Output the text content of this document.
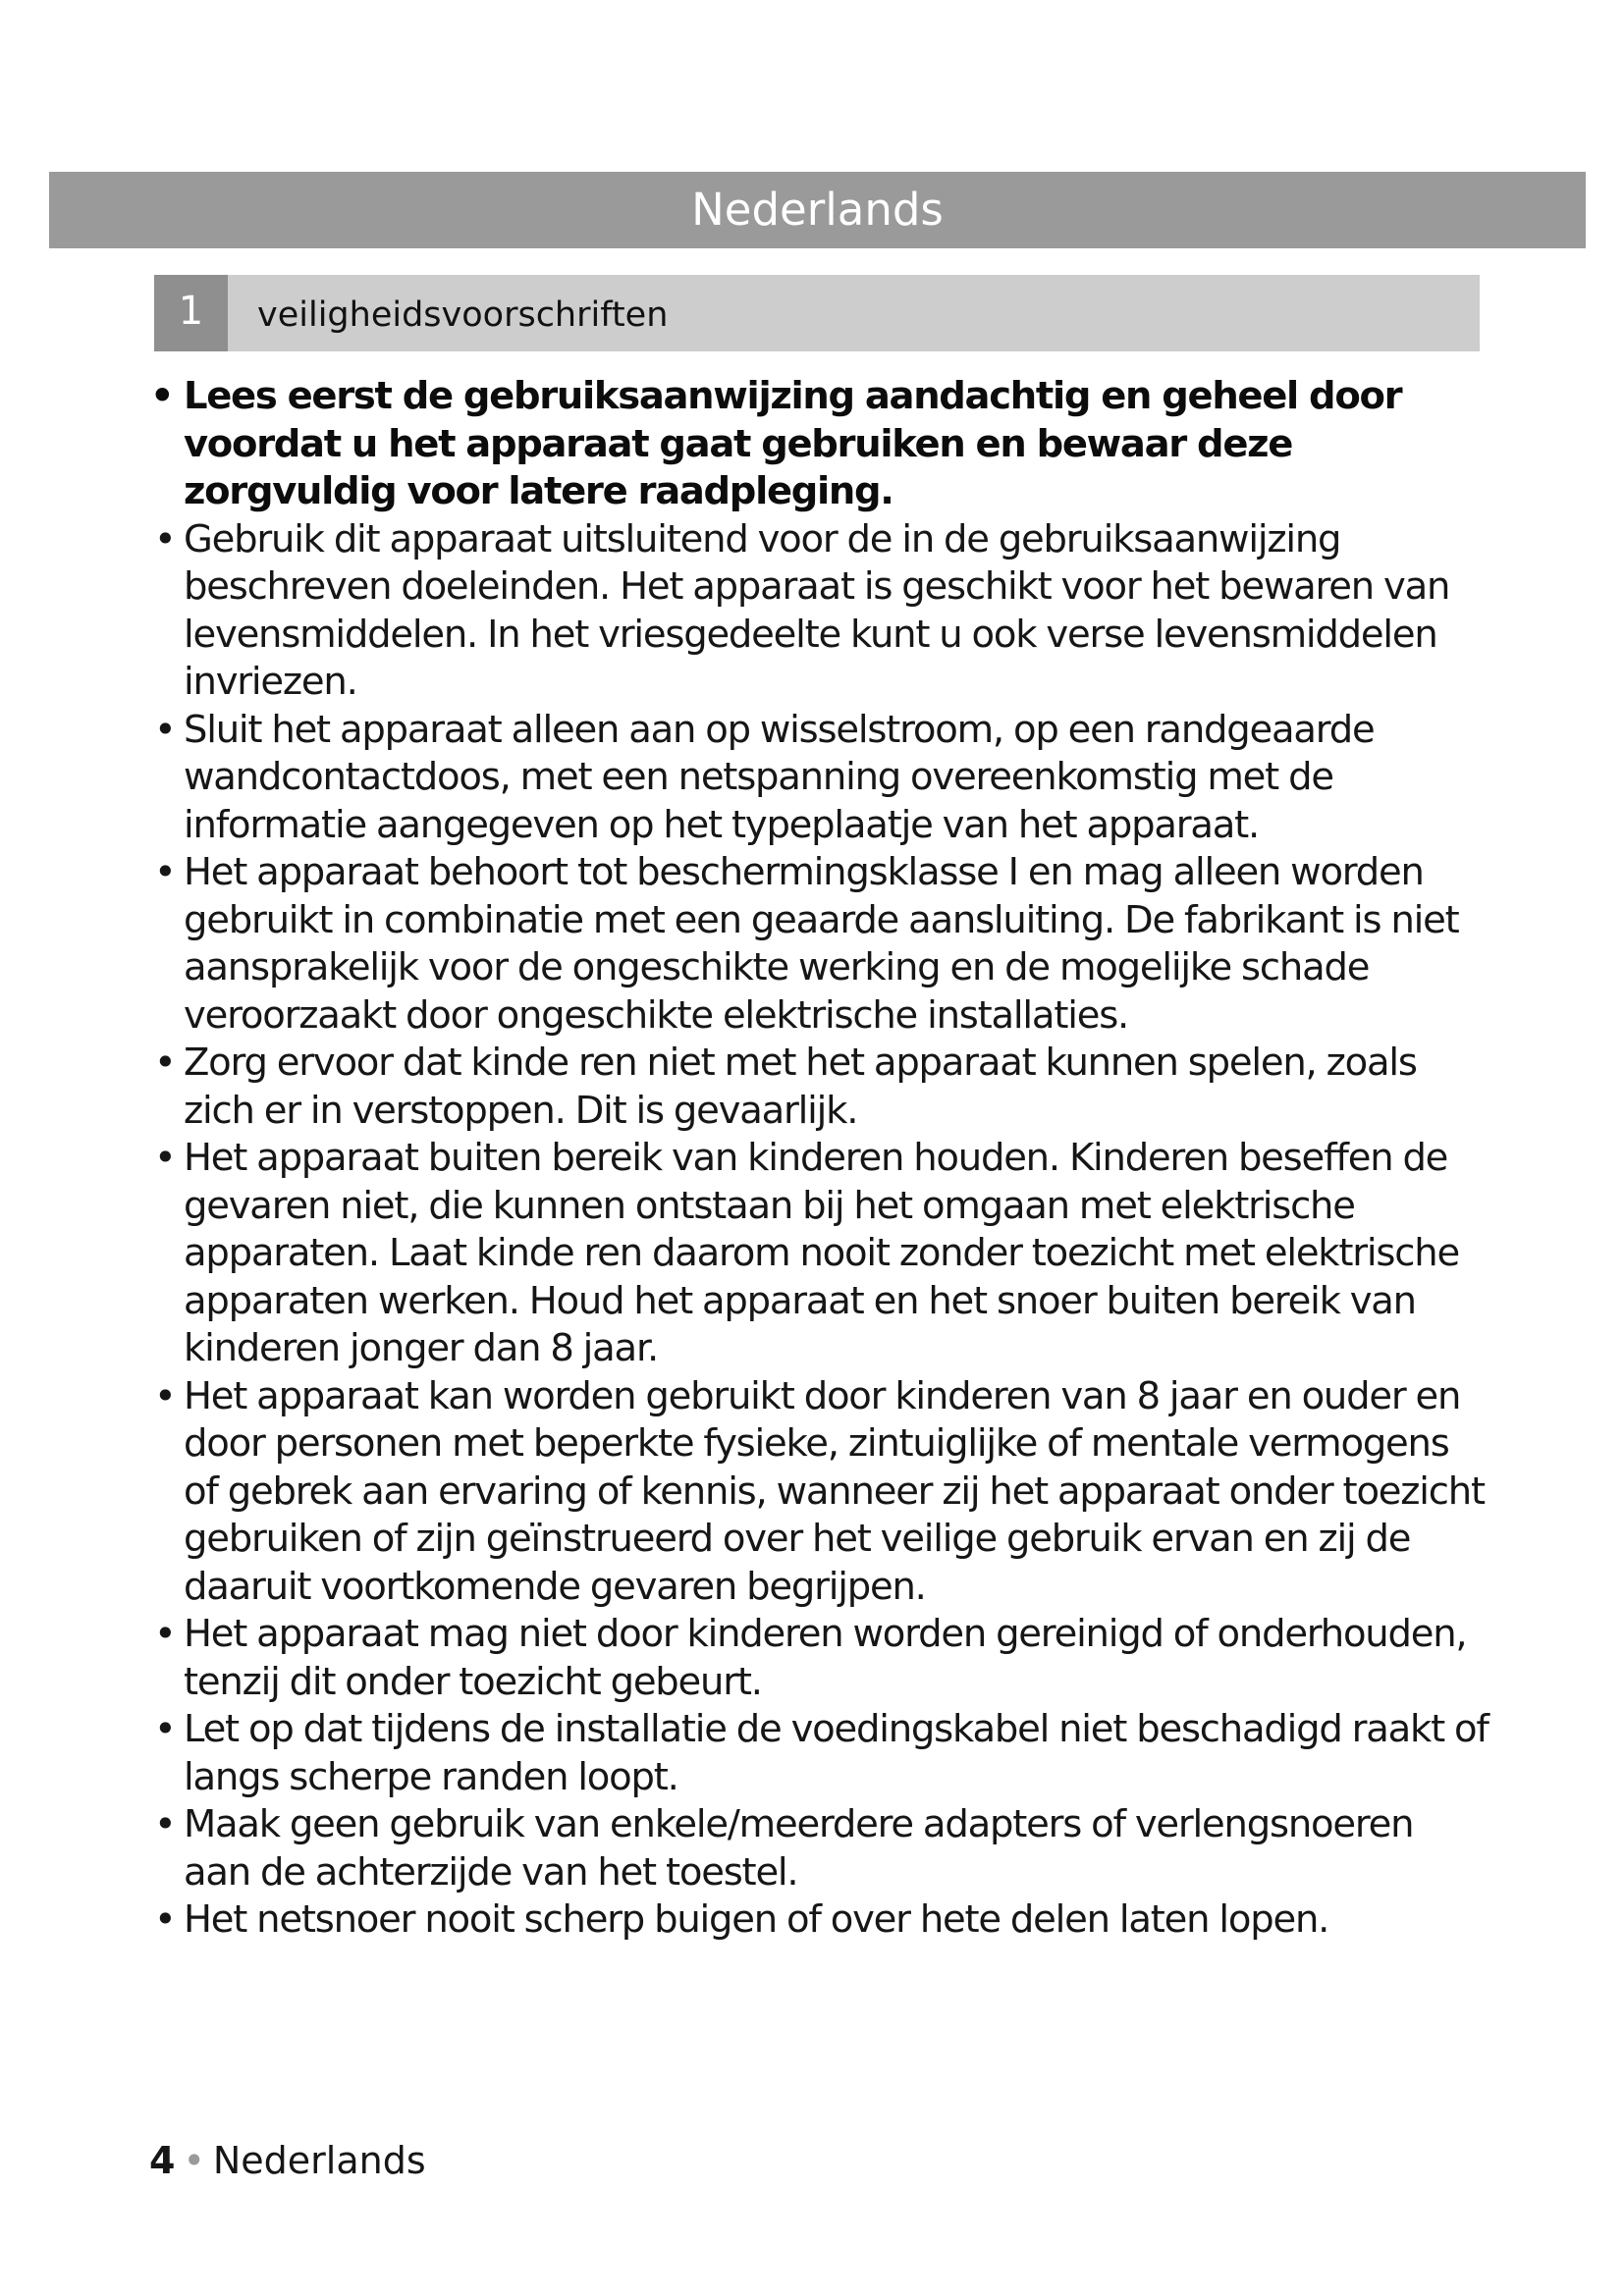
Nederlands
1	veiligheidsvoorschriften
• Lees eerst de gebruiksaanwijzing aandachtig en geheel door voordat u het apparaat gaat gebruiken en bewaar deze zorgvuldig voor latere raadpleging.
• Gebruik dit apparaat uitsluitend voor de in de gebruiksaanwijzing beschreven doeleinden. Het apparaat is geschikt voor het bewaren van levensmiddelen. In het vriesgedeelte kunt u ook verse levensmiddelen invriezen.
• Sluit het apparaat alleen aan op wisselstroom, op een randgeaarde wandcontactdoos, met een netspanning overeenkomstig met de informatie aangegeven op het typeplaatje van het apparaat.
• Het apparaat behoort tot beschermingsklasse I en mag alleen worden gebruikt in combinatie met een geaarde aansluiting. De fabrikant is niet aansprakelijk voor de ongeschikte werking en de mogelijke schade veroorzaakt door ongeschikte elektrische installaties.
• Zorg ervoor dat kinde ren niet met het apparaat kunnen spelen, zoals zich er in verstoppen. Dit is gevaarlijk.
• Het apparaat buiten bereik van kinderen houden. Kinderen beseffen de gevaren niet, die kunnen ontstaan bij het omgaan met elektrische apparaten. Laat kinde ren daarom nooit zonder toezicht met elektrische apparaten werken. Houd het apparaat en het snoer buiten bereik van kinderen jonger dan 8 jaar.
• Het apparaat kan worden gebruikt door kinderen van 8 jaar en ouder en door personen met beperkte fysieke, zintuiglijke of mentale vermogens of gebrek aan ervaring of kennis, wanneer zij het apparaat onder toezicht gebruiken of zijn geïnstrueerd over het veilige gebruik ervan en zij de daaruit voortkomende gevaren begrijpen.
• Het apparaat mag niet door kinderen worden gereinigd of onderhouden, tenzij dit onder toezicht gebeurt.
• Let op dat tijdens de installatie de voedingskabel niet beschadigd raakt of langs scherpe randen loopt.
• Maak geen gebruik van enkele/meerdere adapters of verlengsnoeren aan de achterzijde van het toestel.
• Het netsnoer nooit scherp buigen of over hete delen laten lopen.
4 • Nederlands
